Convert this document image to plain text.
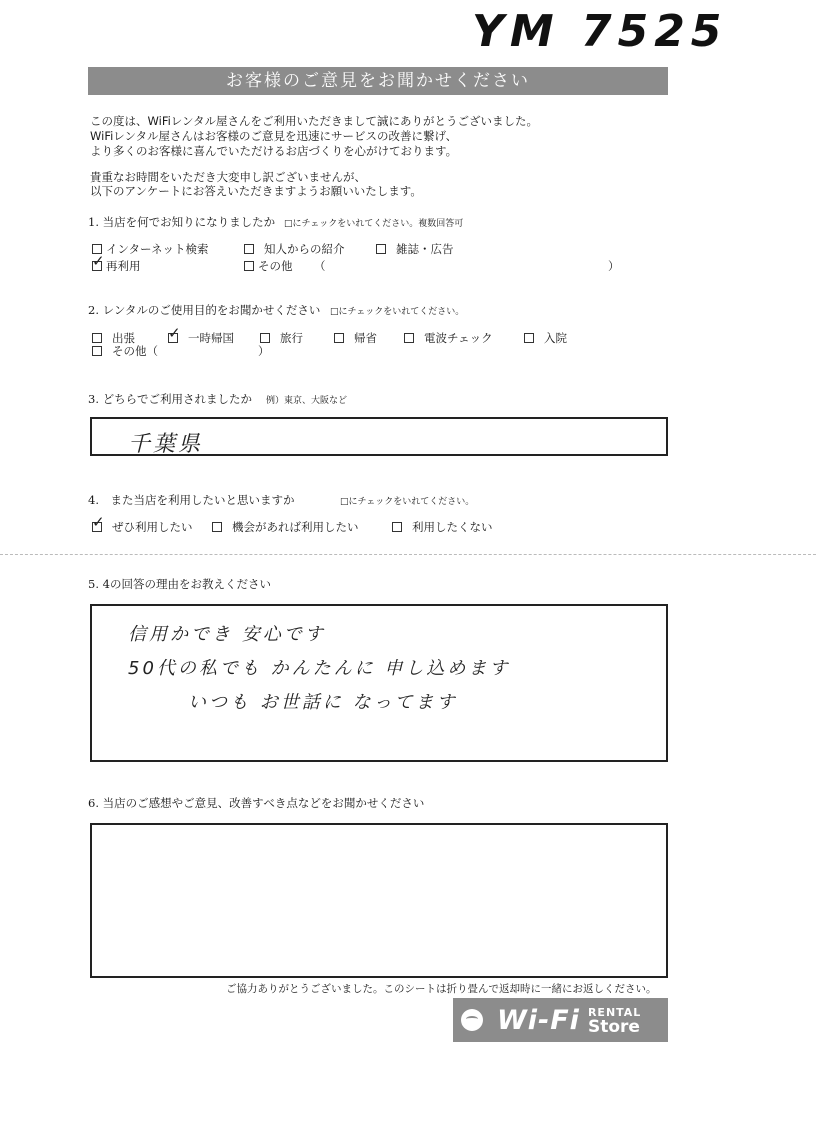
YM 7525
お客様のご意見をお聞かせください
この度は、WiFiレンタル屋さんをご利用いただきまして誠にありがとうございました。
WiFiレンタル屋さんはお客様のご意見を迅速にサービスの改善に繋げ、
より多くのお客様に喜んでいただけるお店づくりを心がけております。
貴重なお時間をいただき大変申し訳ございませんが、
以下のアンケートにお答えいただきますようお願いいたします。
1. 当店を何でお知りになりましたか □にチェックをいれてください。複数回答可
インターネット検索	知人からの紹介	雑誌・広告
✓
再利用	その他 （	）
2. レンタルのご使用目的をお聞かせください □にチェックをいれてください。
出張 ✓ 一時帰国	旅行	帰省	電波チェック	入院
その他（	）
3. どちらでご利用されましたか 例）東京、大阪など
千葉県
4.　また当店を利用したいと思いますか	□にチェックをいれてください。
✓ ぜひ利用したい	機会があれば利用したい	利用したくない
5. 4の回答の理由をお教えください
信用かでき 安心です
50代の私でも かんたんに 申し込めます
いつも お世話に なってます
6. 当店のご感想やご意見、改善すべき点などをお聞かせください
ご協力ありがとうございました。このシートは折り畳んで返却時に一緒にお返しください。
Wi-Fi RENTAL
Store
